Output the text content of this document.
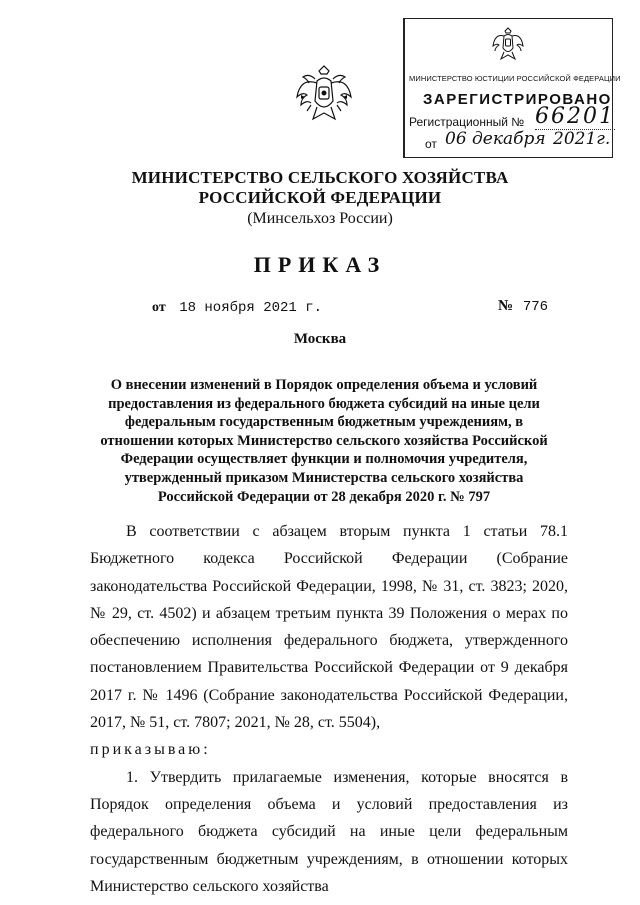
МИНИСТЕРСТВО ЮСТИЦИИ РОССИЙСКОЙ ФЕДЕРАЦИИ
ЗАРЕГИСТРИРОВАНО
Регистрационный № 66201
от 06 декабря 2021г.
МИНИСТЕРСТВО СЕЛЬСКОГО ХОЗЯЙСТВА
РОССИЙСКОЙ ФЕДЕРАЦИИ
(Минсельхоз России)
ПРИКАЗ
от 18 ноября 2021 г.	№ 776
Москва
О внесении изменений в Порядок определения объема и условий предоставления из федерального бюджета субсидий на иные цели федеральным государственным бюджетным учреждениям, в отношении которых Министерство сельского хозяйства Российской Федерации осуществляет функции и полномочия учредителя, утвержденный приказом Министерства сельского хозяйства Российской Федерации от 28 декабря 2020 г. № 797

В соответствии с абзацем вторым пункта 1 статьи 78.1 Бюджетного кодекса Российской Федерации (Собрание законодательства Российской Федерации, 1998, № 31, ст. 3823; 2020, № 29, ст. 4502) и абзацем третьим пункта 39 Положения о мерах по обеспечению исполнения федерального бюджета, утвержденного постановлением Правительства Российской Федерации от 9 декабря 2017 г. № 1496 (Собрание законодательства Российской Федерации, 2017, № 51, ст. 7807; 2021, № 28, ст. 5504),
приказываю:

1. Утвердить прилагаемые изменения, которые вносятся в Порядок определения объема и условий предоставления из федерального бюджета субсидий на иные цели федеральным государственным бюджетным учреждениям, в отношении которых Министерство сельского хозяйства
